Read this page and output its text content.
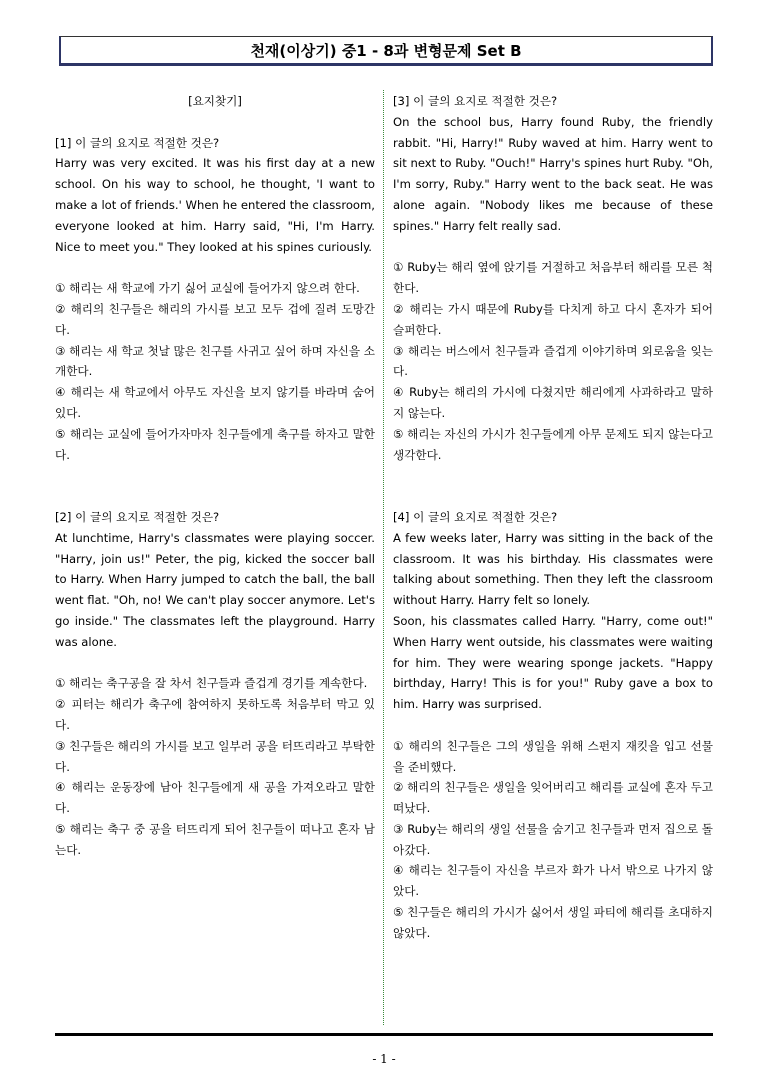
천재(이상기) 중1 - 8과 변형문제 Set B

[요지찾기]

[1] 이 글의 요지로 적절한 것은?

Harry was very excited. It was his first day at a new school. On his way to school, he thought, 'I want to make a lot of friends.' When he entered the classroom, everyone looked at him. Harry said, "Hi, I'm Harry. Nice to meet you." They looked at his spines curiously.

① 해리는 새 학교에 가기 싫어 교실에 들어가지 않으려 한다.

② 해리의 친구들은 해리의 가시를 보고 모두 겁에 질려 도망간다.

③ 해리는 새 학교 첫날 많은 친구를 사귀고 싶어 하며 자신을 소개한다.

④ 해리는 새 학교에서 아무도 자신을 보지 않기를 바라며 숨어 있다.

⑤ 해리는 교실에 들어가자마자 친구들에게 축구를 하자고 말한다.

[2] 이 글의 요지로 적절한 것은?

At lunchtime, Harry's classmates were playing soccer. "Harry, join us!" Peter, the pig, kicked the soccer ball to Harry. When Harry jumped to catch the ball, the ball went flat. "Oh, no! We can't play soccer anymore. Let's go inside." The classmates left the playground. Harry was alone.

① 해리는 축구공을 잘 차서 친구들과 즐겁게 경기를 계속한다.

② 피터는 해리가 축구에 참여하지 못하도록 처음부터 막고 있다.

③ 친구들은 해리의 가시를 보고 일부러 공을 터뜨리라고 부탁한다.

④ 해리는 운동장에 남아 친구들에게 새 공을 가져오라고 말한다.

⑤ 해리는 축구 중 공을 터뜨리게 되어 친구들이 떠나고 혼자 남는다.

[3] 이 글의 요지로 적절한 것은?

On the school bus, Harry found Ruby, the friendly rabbit. "Hi, Harry!" Ruby waved at him. Harry went to sit next to Ruby. "Ouch!" Harry's spines hurt Ruby. "Oh, I'm sorry, Ruby." Harry went to the back seat. He was alone again. "Nobody likes me because of these spines." Harry felt really sad.

① Ruby는 해리 옆에 앉기를 거절하고 처음부터 해리를 모른 척한다.

② 해리는 가시 때문에 Ruby를 다치게 하고 다시 혼자가 되어 슬퍼한다.

③ 해리는 버스에서 친구들과 즐겁게 이야기하며 외로움을 잊는다.

④ Ruby는 해리의 가시에 다쳤지만 해리에게 사과하라고 말하지 않는다.

⑤ 해리는 자신의 가시가 친구들에게 아무 문제도 되지 않는다고 생각한다.

[4] 이 글의 요지로 적절한 것은?

A few weeks later, Harry was sitting in the back of the classroom. It was his birthday. His classmates were talking about something. Then they left the classroom without Harry. Harry felt so lonely.

Soon, his classmates called Harry. "Harry, come out!" When Harry went outside, his classmates were waiting for him. They were wearing sponge jackets. "Happy birthday, Harry! This is for you!" Ruby gave a box to him. Harry was surprised.

① 해리의 친구들은 그의 생일을 위해 스펀지 재킷을 입고 선물을 준비했다.

② 해리의 친구들은 생일을 잊어버리고 해리를 교실에 혼자 두고 떠났다.

③ Ruby는 해리의 생일 선물을 숨기고 친구들과 먼저 집으로 돌아갔다.

④ 해리는 친구들이 자신을 부르자 화가 나서 밖으로 나가지 않았다.

⑤ 친구들은 해리의 가시가 싫어서 생일 파티에 해리를 초대하지 않았다.

- 1 -
